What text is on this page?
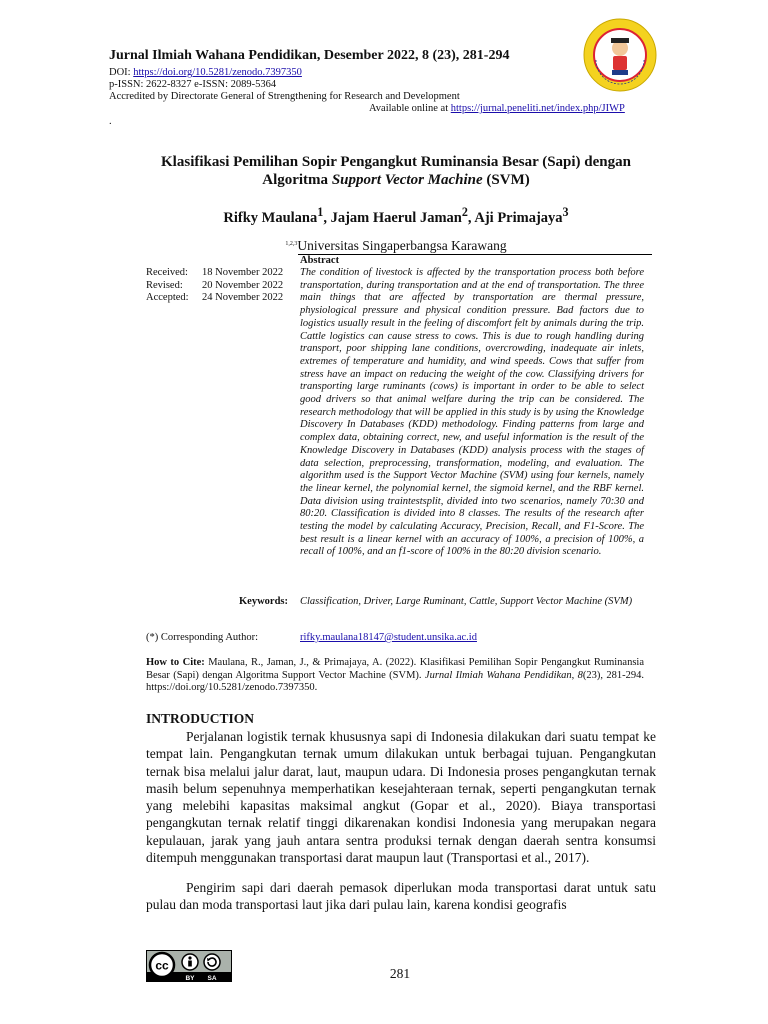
Jurnal Ilmiah Wahana Pendidikan, Desember 2022, 8 (23), 281-294
DOI: https://doi.org/10.5281/zenodo.7397350
p-ISSN: 2622-8327 e-ISSN: 2089-5364
Accredited by Directorate General of Strengthening for Research and Development
Available online at https://jurnal.peneliti.net/index.php/JIWP
.
Klasifikasi Pemilihan Sopir Pengangkut Ruminansia Besar (Sapi) dengan
Algoritma Support Vector Machine (SVM)
Rifky Maulana$^1$, Jajam Haerul Jaman$^2$, Aji Primajaya$^3$
$^{1,2,3}$Universitas Singaperbangsa Karawang
Abstract
Received: 18 November 2022
Revised: 20 November 2022
Accepted: 24 November 2022
The condition of livestock is affected by the transportation process both before transportation, during transportation and at the end of transportation. The three main things that are affected by transportation are thermal pressure, physiological pressure and physical condition pressure. Bad factors due to logistics usually result in the feeling of discomfort felt by animals during the trip. Cattle logistics can cause stress to cows. This is due to rough handling during transport, poor shipping lane conditions, overcrowding, inadequate air inlets, extremes of temperature and humidity, and wind speeds. Cows that suffer from stress have an impact on reducing the weight of the cow. Classifying drivers for transporting large ruminants (cows) is important in order to be able to select good drivers so that animal welfare during the trip can be considered. The research methodology that will be applied in this study is by using the Knowledge Discovery In Databases (KDD) methodology. Finding patterns from large and complex data, obtaining correct, new, and useful information is the result of the Knowledge Discovery in Databases (KDD) analysis process with the stages of data selection, preprocessing, transformation, modeling, and evaluation. The algorithm used is the Support Vector Machine (SVM) using four kernels, namely the linear kernel, the polynomial kernel, the sigmoid kernel, and the RBF kernel. Data division using traintestsplit, divided into two scenarios, namely 70:30 and 80:20. Classification is divided into 8 classes. The results of the research after testing the model by calculating Accuracy, Precision, Recall, and F1-Score. The best result is a linear kernel with an accuracy of 100%, a precision of 100%, a recall of 100%, and an f1-score of 100% in the 80:20 division scenario.
Keywords: Classification, Driver, Large Ruminant, Cattle, Support Vector Machine (SVM)
(*) Corresponding Author:	rifky.maulana18147@student.unsika.ac.id
How to Cite: Maulana, R., Jaman, J., & Primajaya, A. (2022). Klasifikasi Pemilihan Sopir Pengangkut Ruminansia Besar (Sapi) dengan Algoritma Support Vector Machine (SVM). Jurnal Ilmiah Wahana Pendidikan, 8(23), 281-294. https://doi.org/10.5281/zenodo.7397350.
INTRODUCTION
Perjalanan logistik ternak khususnya sapi di Indonesia dilakukan dari suatu tempat ke tempat lain. Pengangkutan ternak umum dilakukan untuk berbagai tujuan. Pengangkutan ternak bisa melalui jalur darat, laut, maupun udara. Di Indonesia proses pengangkutan ternak masih belum sepenuhnya memperhatikan kesejahteraan ternak, seperti pengangkutan ternak yang melebihi kapasitas maksimal angkut (Gopar et al., 2020). Biaya transportasi pengangkutan ternak relatif tinggi dikarenakan kondisi Indonesia yang merupakan negara kepulauan, jarak yang jauh antara sentra produksi ternak dengan daerah sentra konsumsi ditempuh menggunakan transportasi darat maupun laut (Transportasi et al., 2017).
Pengirim sapi dari daerah pemasok diperlukan moda transportasi darat untuk satu pulau dan moda transportasi laut jika dari pulau lain, karena kondisi geografis
cc
BY SA	281
